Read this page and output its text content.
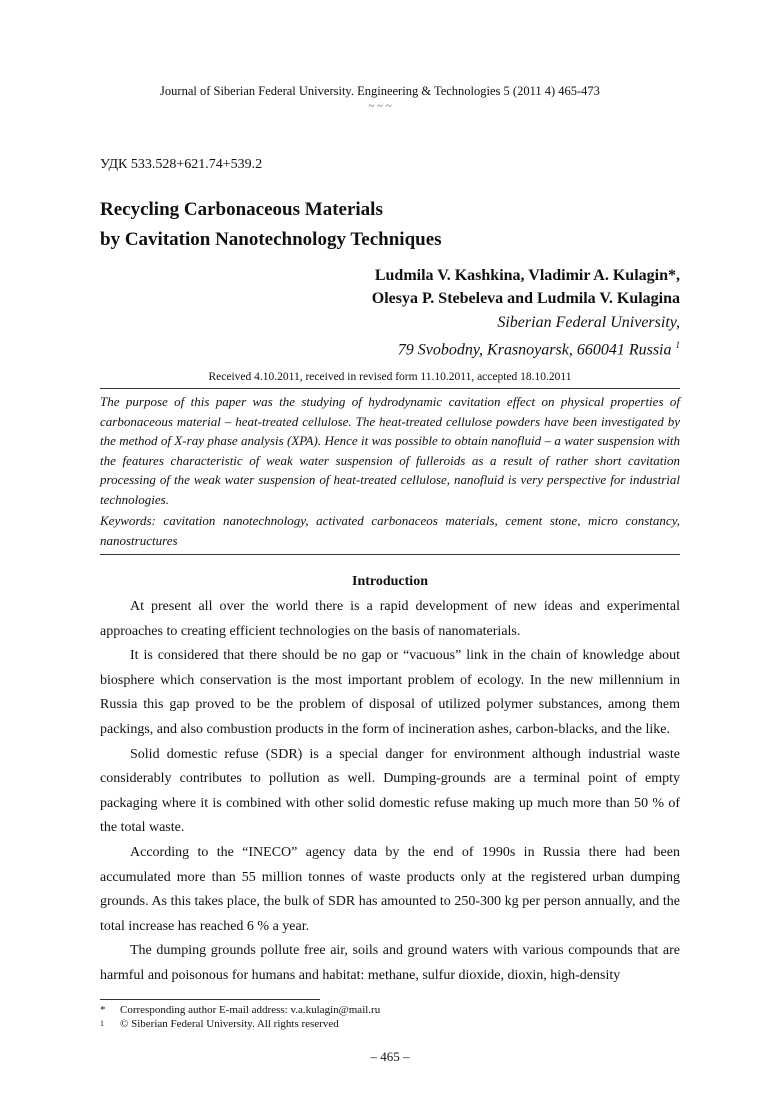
Journal of Siberian Federal University. Engineering & Technologies 5 (2011 4) 465-473
~ ~ ~
УДК 533.528+621.74+539.2
Recycling Carbonaceous Materials
by Cavitation Nanotechnology Techniques
Ludmila V. Kashkina, Vladimir A. Kulagin*,
Olesya P. Stebeleva and Ludmila V. Kulagina
Siberian Federal University,
79 Svobodny, Krasnoyarsk, 660041 Russia $^1$
Received 4.10.2011, received in revised form 11.10.2011, accepted 18.10.2011

The purpose of this paper was the studying of hydrodynamic cavitation effect on physical properties of carbonaceous material – heat-treated cellulose. The heat-treated cellulose powders have been investigated by the method of X-ray phase analysis (XPA). Hence it was possible to obtain nanofluid – a water suspension with the features characteristic of weak water suspension of fulleroids as a result of rather short cavitation processing of the weak water suspension of heat-treated cellulose, nanofluid is very perspective for industrial technologies.

Keywords: cavitation nanotechnology, activated carbonaceos materials, cement stone, micro constancy, nanostructures

Introduction

At present all over the world there is a rapid development of new ideas and experimental approaches to creating efficient technologies on the basis of nanomaterials.

It is considered that there should be no gap or “vacuous” link in the chain of knowledge about biosphere which conservation is the most important problem of ecology. In the new millennium in Russia this gap proved to be the problem of disposal of utilized polymer substances, among them packings, and also combustion products in the form of incineration ashes, carbon-blacks, and the like.

Solid domestic refuse (SDR) is a special danger for environment although industrial waste considerably contributes to pollution as well. Dumping-grounds are a terminal point of empty packaging where it is combined with other solid domestic refuse making up much more than 50 % of the total waste.

According to the “INECO” agency data by the end of 1990s in Russia there had been accumulated more than 55 million tonnes of waste products only at the registered urban dumping grounds. As this takes place, the bulk of SDR has amounted to 250-300 kg per person annually, and the total increase has reached 6 % a year.

The dumping grounds pollute free air, soils and ground waters with various compounds that are harmful and poisonous for humans and habitat: methane, sulfur dioxide, dioxin, high-density

* Corresponding author E-mail address: v.a.kulagin@mail.ru
1 © Siberian Federal University. All rights reserved
– 465 –
